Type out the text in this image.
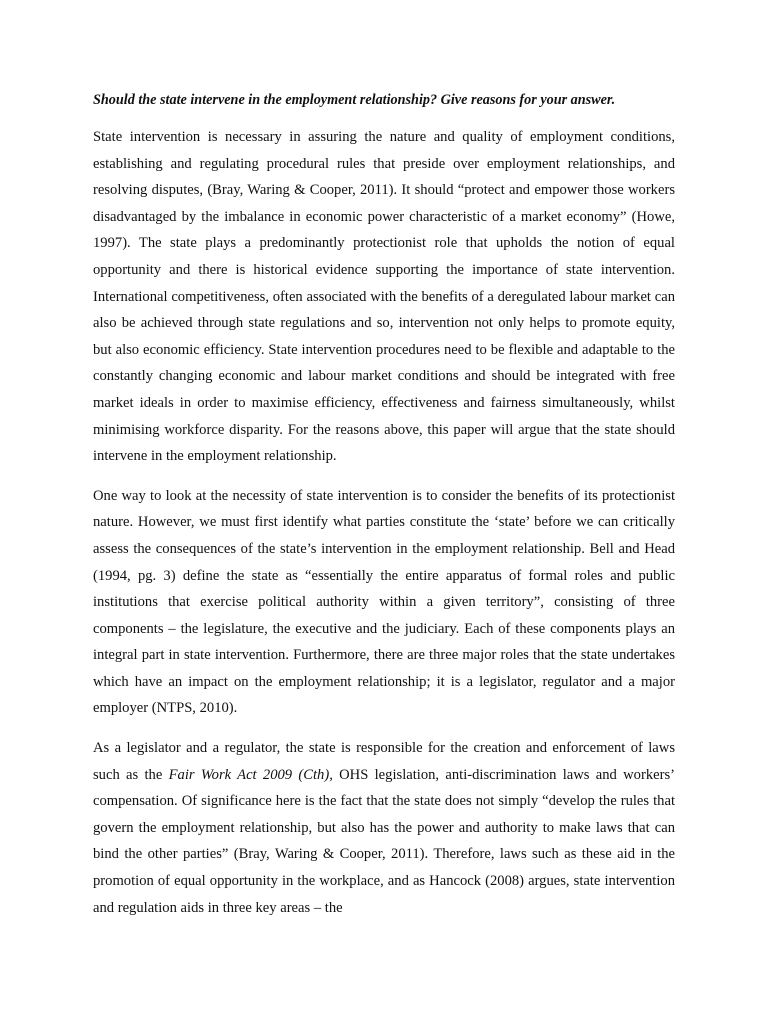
Should the state intervene in the employment relationship? Give reasons for your answer.

State intervention is necessary in assuring the nature and quality of employment conditions, establishing and regulating procedural rules that preside over employment relationships, and resolving disputes, (Bray, Waring & Cooper, 2011). It should “protect and empower those workers disadvantaged by the imbalance in economic power characteristic of a market economy” (Howe, 1997). The state plays a predominantly protectionist role that upholds the notion of equal opportunity and there is historical evidence supporting the importance of state intervention. International competitiveness, often associated with the benefits of a deregulated labour market can also be achieved through state regulations and so, intervention not only helps to promote equity, but also economic efficiency. State intervention procedures need to be flexible and adaptable to the constantly changing economic and labour market conditions and should be integrated with free market ideals in order to maximise efficiency, effectiveness and fairness simultaneously, whilst minimising workforce disparity. For the reasons above, this paper will argue that the state should intervene in the employment relationship.

One way to look at the necessity of state intervention is to consider the benefits of its protectionist nature. However, we must first identify what parties constitute the ‘state’ before we can critically assess the consequences of the state’s intervention in the employment relationship. Bell and Head (1994, pg. 3) define the state as “essentially the entire apparatus of formal roles and public institutions that exercise political authority within a given territory”, consisting of three components – the legislature, the executive and the judiciary. Each of these components plays an integral part in state intervention. Furthermore, there are three major roles that the state undertakes which have an impact on the employment relationship; it is a legislator, regulator and a major employer (NTPS, 2010).

As a legislator and a regulator, the state is responsible for the creation and enforcement of laws such as the Fair Work Act 2009 (Cth), OHS legislation, anti-discrimination laws and workers’ compensation. Of significance here is the fact that the state does not simply “develop the rules that govern the employment relationship, but also has the power and authority to make laws that can bind the other parties” (Bray, Waring & Cooper, 2011). Therefore, laws such as these aid in the promotion of equal opportunity in the workplace, and as Hancock (2008) argues, state intervention and regulation aids in three key areas – the
